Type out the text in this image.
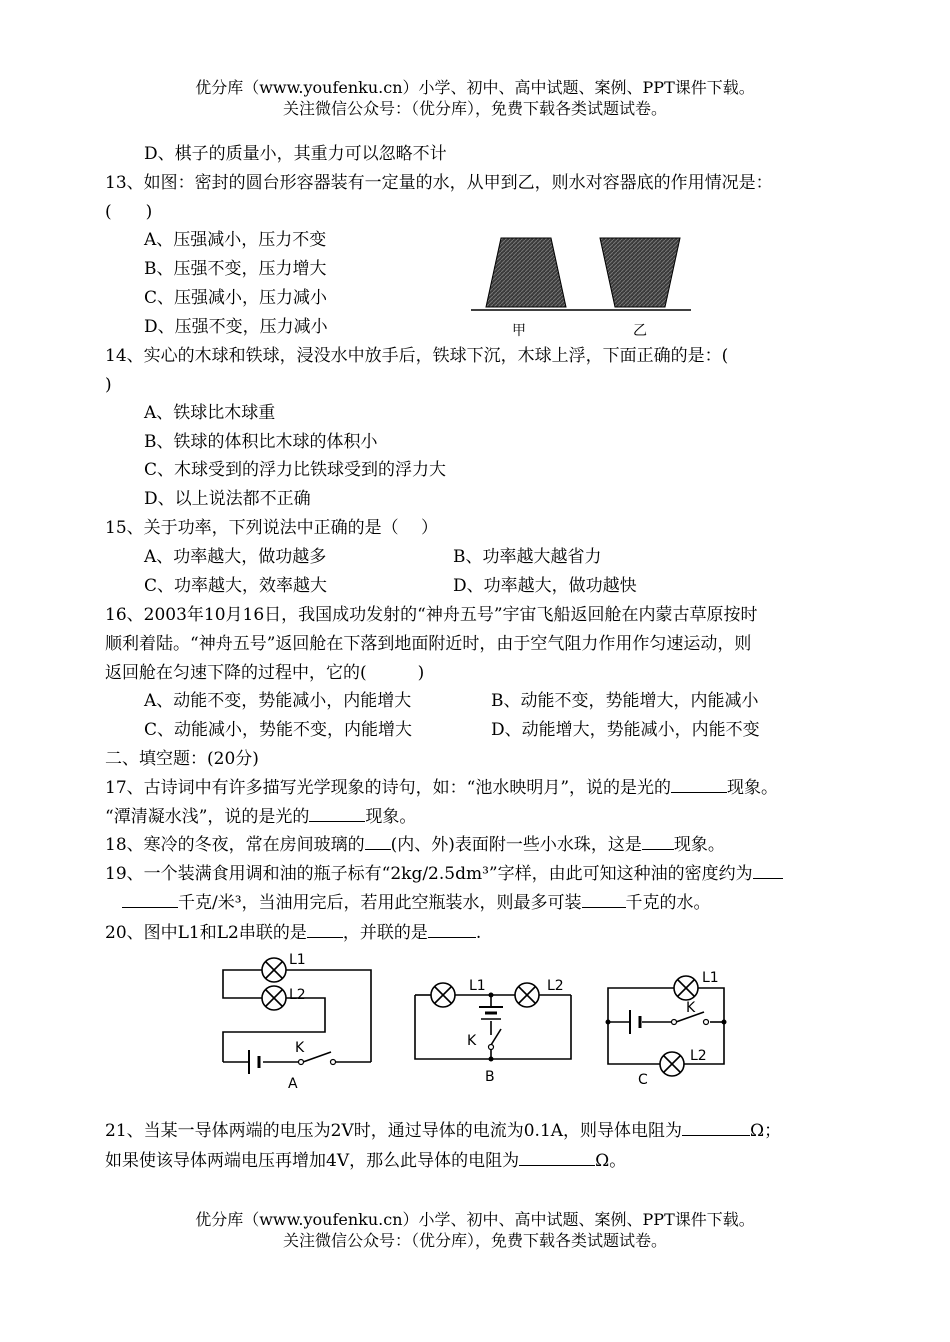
优分库（www.youfenku.cn）小学、初中、高中试题、案例、PPT课件下载。
关注微信公众号：（优分库），免费下载各类试题试卷。
D、棋子的质量小，其重力可以忽略不计
13、如图：密封的圆台形容器装有一定量的水，从甲到乙，则水对容器底的作用情况是：
(　　)
A、压强减小，压力不变
B、压强不变，压力增大
C、压强减小，压力减小
D、压强不变，压力减小	甲	乙
14、实心的木球和铁球，浸没水中放手后，铁球下沉，木球上浮，下面正确的是：(
)
A、铁球比木球重
B、铁球的体积比木球的体积小
C、木球受到的浮力比铁球受到的浮力大
D、以上说法都不正确
15、关于功率，下列说法中正确的是（　 ）
A、功率越大，做功越多	B、功率越大越省力
C、功率越大，效率越大	D、功率越大，做功越快
16、2003年10月16日，我国成功发射的“神舟五号”宇宙飞船返回舱在内蒙古草原按时
顺利着陆。“神舟五号”返回舱在下落到地面附近时，由于空气阻力作用作匀速运动，则
返回舱在匀速下降的过程中，它的(　　　)
A、动能不变，势能减小，内能增大	B、动能不变，势能增大，内能减小
C、动能减小，势能不变，内能增大	D、动能增大，势能减小，内能不变
二、填空题：(20分)
17、古诗词中有许多描写光学现象的诗句，如：“池水映明月”，说的是光的	现象。
“潭清凝水浅”，说的是光的	现象。
18、寒冷的冬夜，常在房间玻璃的 (内、外)表面附一些小水珠，这是 现象。
19、一个装满食用调和油的瓶子标有“2kg/2.5dm³”字样，由此可知这种油的密度约为
千克/米³，当油用完后，若用此空瓶装水，则最多可装	千克的水。
20、图中L1和L2串联的是 ，并联的是	.
L1
L2
K
A
L1	L2
K
B
L1
K
L2
C
21、当某一导体两端的电压为2V时，通过导体的电流为0.1A，则导体电阻为	Ω；
如果使该导体两端电压再增加4V，那么此导体的电阻为	Ω。
优分库（www.youfenku.cn）小学、初中、高中试题、案例、PPT课件下载。
关注微信公众号：（优分库），免费下载各类试题试卷。
